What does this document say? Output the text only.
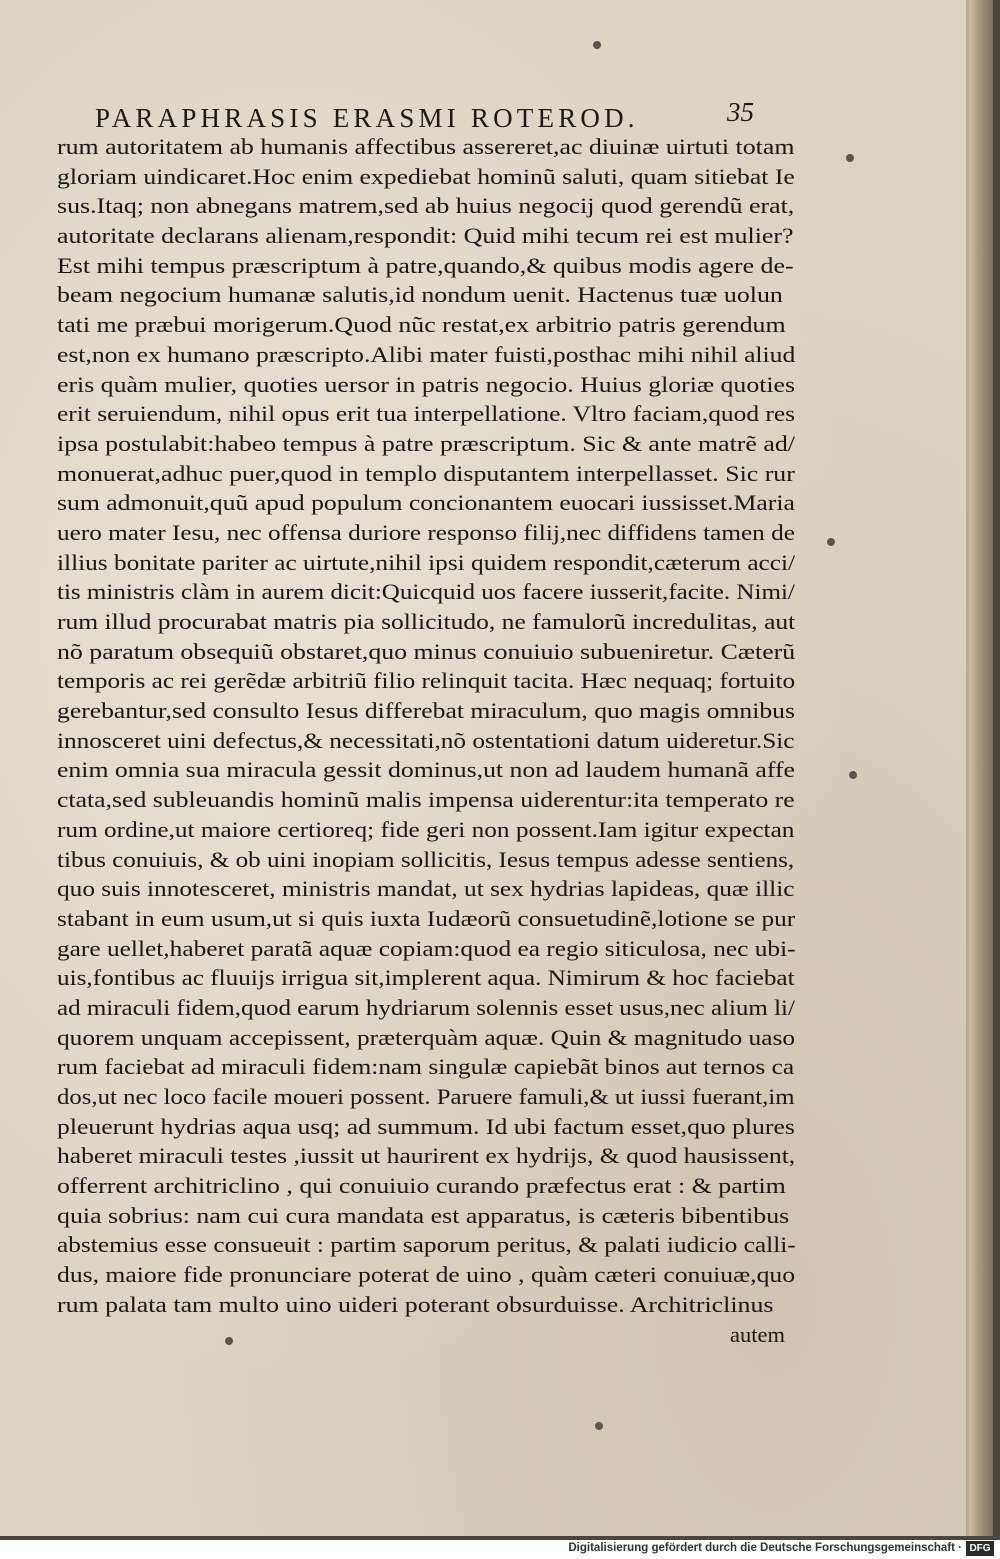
PARAPHRASIS ERASMI ROTEROD.	35
rum autoritatem ab humanis affectibus assereret,ac diuinæ uirtuti totam
gloriam uindicaret.Hoc enim expediebat hominũ saluti, quam sitiebat Ie
sus.Itaq; non abnegans matrem,sed ab huius negocij quod gerendũ erat,
autoritate declarans alienam,respondit: Quid mihi tecum rei est mulier?
Est mihi tempus præscriptum à patre,quando,& quibus modis agere de-
beam negocium humanæ salutis,id nondum uenit. Hactenus tuæ uolun
tati me præbui morigerum.Quod nũc restat,ex arbitrio patris gerendum
est,non ex humano præscripto.Alibi mater fuisti,posthac mihi nihil aliud
eris quàm mulier, quoties uersor in patris negocio. Huius gloriæ quoties
erit seruiendum, nihil opus erit tua interpellatione. Vltro faciam,quod res
ipsa postulabit:habeo tempus à patre præscriptum. Sic & ante matrẽ ad/
monuerat,adhuc puer,quod in templo disputantem interpellasset. Sic rur
sum admonuit,quũ apud populum concionantem euocari iussisset.Maria
uero mater Iesu, nec offensa duriore responso filij,nec diffidens tamen de
illius bonitate pariter ac uirtute,nihil ipsi quidem respondit,cæterum acci/
tis ministris clàm in aurem dicit:Quicquid uos facere iusserit,facite. Nimi/
rum illud procurabat matris pia sollicitudo, ne famulorũ incredulitas, aut
nõ paratum obsequiũ obstaret,quo minus conuiuio subueniretur. Cæterũ
temporis ac rei gerẽdæ arbitriũ filio relinquit tacita. Hæc nequaq; fortuito
gerebantur,sed consulto Iesus differebat miraculum, quo magis omnibus
innosceret uini defectus,& necessitati,nõ ostentationi datum uideretur.Sic
enim omnia sua miracula gessit dominus,ut non ad laudem humanã affe
ctata,sed subleuandis hominũ malis impensa uiderentur:ita temperato re
rum ordine,ut maiore certioreq; fide geri non possent.Iam igitur expectan
tibus conuiuis, & ob uini inopiam sollicitis, Iesus tempus adesse sentiens,
quo suis innotesceret, ministris mandat, ut sex hydrias lapideas, quæ illic
stabant in eum usum,ut si quis iuxta Iudæorũ consuetudinẽ,lotione se pur
gare uellet,haberet paratã aquæ copiam:quod ea regio siticulosa, nec ubi-
uis,fontibus ac fluuijs irrigua sit,implerent aqua. Nimirum & hoc faciebat
ad miraculi fidem,quod earum hydriarum solennis esset usus,nec alium li/
quorem unquam accepissent, præterquàm aquæ. Quin & magnitudo uaso
rum faciebat ad miraculi fidem:nam singulæ capiebãt binos aut ternos ca
dos,ut nec loco facile moueri possent. Paruere famuli,& ut iussi fuerant,im
pleuerunt hydrias aqua usq; ad summum. Id ubi factum esset,quo plures
haberet miraculi testes ,iussit ut haurirent ex hydrijs, & quod hausissent,
offerrent architriclino , qui conuiuio curando præfectus erat : & partim
quia sobrius: nam cui cura mandata est apparatus, is cæteris bibentibus
abstemius esse consueuit : partim saporum peritus, & palati iudicio calli-
dus, maiore fide pronunciare poterat de uino , quàm cæteri conuiuæ,quo
rum palata tam multo uino uideri poterant obsurduisse. Architriclinus
autem
Digitalisierung gefördert durch die Deutsche Forschungsgemeinschaft · DFG
